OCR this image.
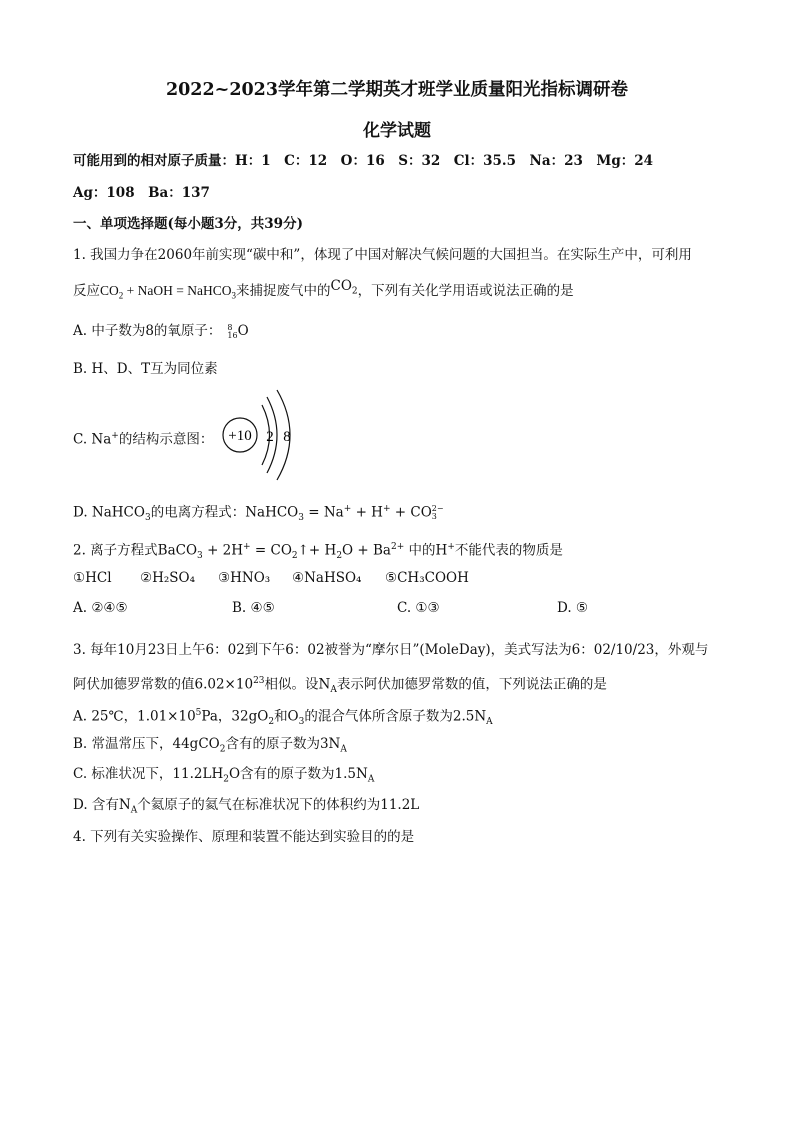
2022~2023学年第二学期英才班学业质量阳光指标调研卷
化学试题
可能用到的相对原子质量：H：1　C：12　O：16　S：32　Cl：35.5　Na：23　Mg：24
Ag：108　Ba：137
一、单项选择题(每小题3分，共39分)
1. 我国力争在2060年前实现“碳中和”，体现了中国对解决气候问题的大国担当。在实际生产中，可利用
反应$CO_2$ + NaOH = NaHCO$_3$来捕捉废气中的$CO_2$，下列有关化学用语或说法正确的是
A. 中子数为8的氧原子： 8
16 O
B. H、D、T互为同位素
C. Na+的结构示意图： +10 2 8
D. NaHCO$_3$的电离方程式：NaHCO$_3$ = Na+ + H+ + CO 2−
3
2. 离子方程式BaCO$_3$ + $2H^+ = CO_2↑+ H_2O + Ba^{2+}$ 中的H+不能代表的物质是
①HCl ②H₂SO₄ ③HNO₃ ④NaHSO₄ ⑤CH₃COOH
A. ②④⑤	B. ④⑤	C. ①③	D. ⑤
3. 每年10月23日上午6：02到下午6：02被誉为“摩尔日”(MoleDay)，美式写法为6：02/10/23，外观与
阿伏加德罗常数的值$6.02\times 10^{23}$相似。设$N_A$表示阿伏加德罗常数的值，下列说法正确的是
A. 25℃，$1.01\times 10^5Pa$，$32gO_2$和$O_3$的混合气体所含原子数为$2.5N_A$
B. 常温常压下，44gCO$_2$含有的原子数为$3N_A$
C. 标准状况下，$11.2LH_2O$含有的原子数为$1.5N_A$
D. 含有$N_A$个氦原子的氦气在标准状况下的体积约为11.2L
4. 下列有关实验操作、原理和装置不能达到实验目的的是
